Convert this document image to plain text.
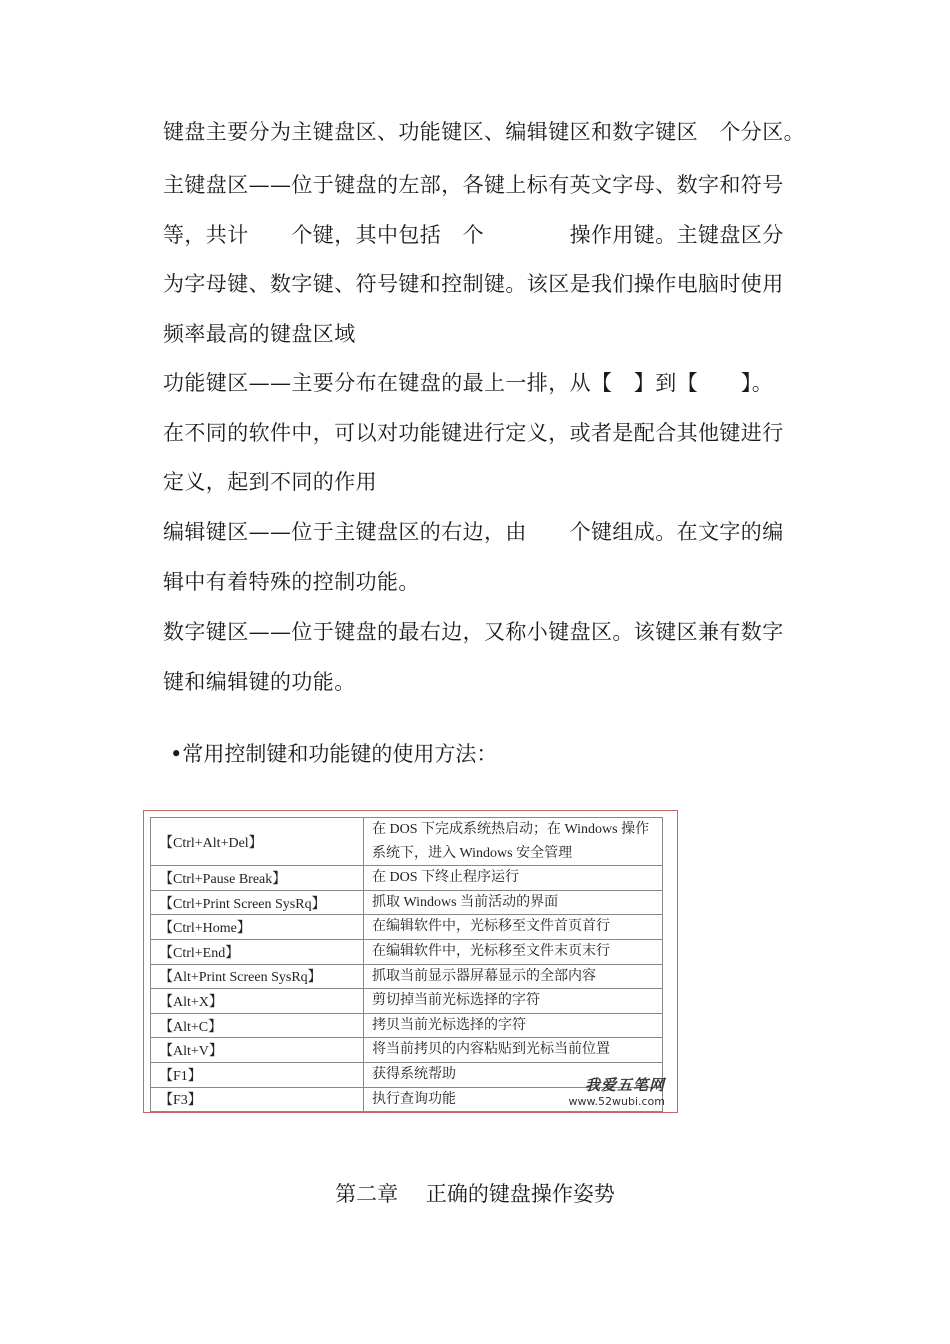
键盘主要分为主键盘区、功能键区、编辑键区和数字键区　个分区。
主键盘区——位于键盘的左部，各键上标有英文字母、数字和符号
等，共计　　个键，其中包括　个　　　　操作用键。主键盘区分
为字母键、数字键、符号键和控制键。该区是我们操作电脑时使用
频率最高的键盘区域
功能键区——主要分布在键盘的最上一排，从【　】到【　　】。
在不同的软件中，可以对功能键进行定义，或者是配合其他键进行
定义，起到不同的作用
编辑键区——位于主键盘区的右边，由　　个键组成。在文字的编
辑中有着特殊的控制功能。
数字键区——位于键盘的最右边，又称小键盘区。该键区兼有数字
键和编辑键的功能。
•常用控制键和功能键的使用方法：
【Ctrl+Alt+Del】	在 DOS 下完成系统热启动；在 Windows 操作系统下，进入 Windows 安全管理
【Ctrl+Pause Break】	在 DOS 下终止程序运行
【Ctrl+Print Screen SysRq】	抓取 Windows 当前活动的界面
【Ctrl+Home】	在编辑软件中，光标移至文件首页首行
【Ctrl+End】	在编辑软件中，光标移至文件末页末行
【Alt+Print Screen SysRq】	抓取当前显示器屏幕显示的全部内容
【Alt+X】	剪切掉当前光标选择的字符
【Alt+C】	拷贝当前光标选择的字符
【Alt+V】	将当前拷贝的内容粘贴到光标当前位置
【F1】	获得系统帮助
【F3】	执行查询功能
我爱五笔网
www.52wubi.com
第二章　 正确的键盘操作姿势
